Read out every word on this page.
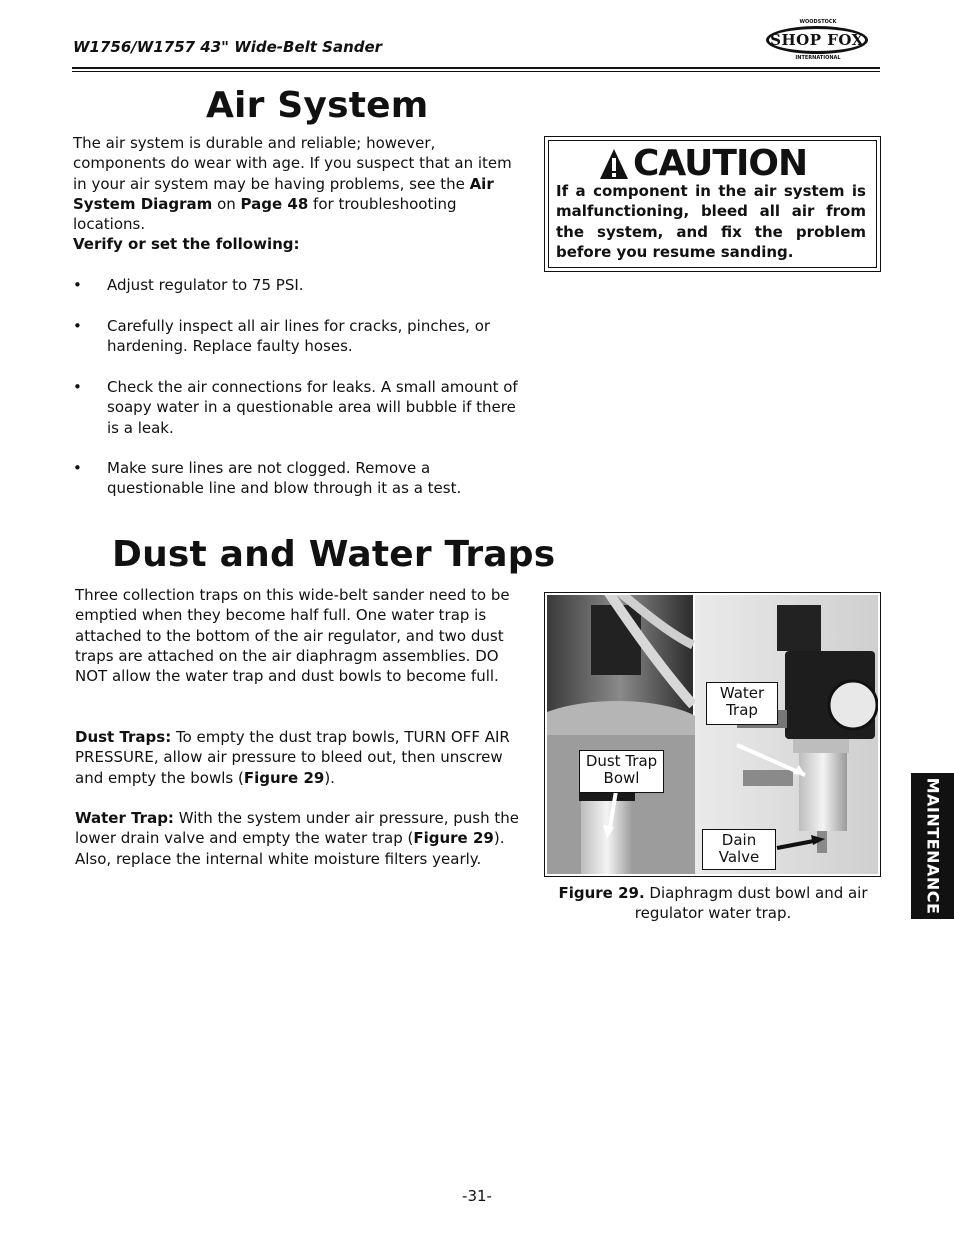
W1756/W1757 43" Wide-Belt Sander
WOODSTOCK
SHOP FOX
INTERNATIONAL
Air System
The air system is durable and reliable; however, components do wear with age. If you suspect that an item in your air system may be having problems, see the Air System Diagram on Page 48 for troubleshooting locations.
Verify or set the following:
• Adjust regulator to 75 PSI.
• Carefully inspect all air lines for cracks, pinches, or hardening. Replace faulty hoses.
• Check the air connections for leaks. A small amount of soapy water in a questionable area will bubble if there is a leak.
• Make sure lines are not clogged. Remove a questionable line and blow through it as a test.
CAUTION
If a component in the air system is malfunctioning, bleed all air from the system, and fix the problem before you resume sanding.
Dust and Water Traps
Three collection traps on this wide-belt sander need to be emptied when they become half full. One water trap is attached to the bottom of the air regulator, and two dust traps are attached on the air diaphragm assemblies. DO NOT allow the water trap and dust bowls to become full.
Dust Traps: To empty the dust trap bowls, TURN OFF AIR PRESSURE, allow air pressure to bleed out, then unscrew and empty the bowls (Figure 29).
Water Trap: With the system under air pressure, push the lower drain valve and empty the water trap (Figure 29). Also, replace the internal white moisture filters yearly.
Water Trap
Dust Trap Bowl
Dain Valve
Figure 29. Diaphragm dust bowl and air regulator water trap.	MAINTENANCE
-31-
